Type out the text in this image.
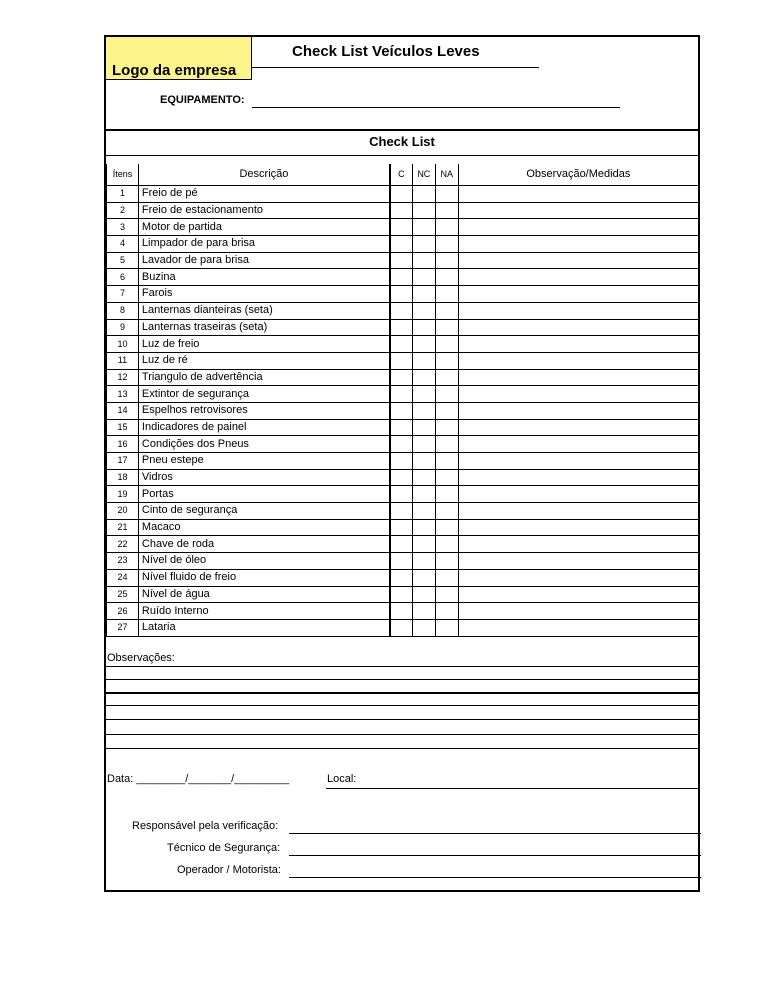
Logo da empresa
Check List Veículos Leves
EQUIPAMENTO:
Check List
Ítens	Descrição	C	NC	NA	Observação/Medidas
1	Freio de pé				
2	Freio de estacionamento				
3	Motor de partida				
4	Limpador de para brisa				
5	Lavador de para brisa				
6	Buzina				
7	Farois				
8	Lanternas dianteiras (seta)				
9	Lanternas traseiras (seta)				
10	Luz de freio				
11	Luz de ré				
12	Triangulo de advertência				
13	Extintor de segurança				
14	Espelhos retrovisores				
15	Indicadores de painel				
16	Condições dos Pneus				
17	Pneu estepe				
18	Vidros				
19	Portas				
20	Cinto de segurança				
21	Macaco				
22	Chave de roda				
23	Nível de óleo				
24	Nível fluido de freio				
25	Nível de água				
26	Ruído Interno				
27	Lataria				
Observações:
Data: ________/_______/_________	Local:
Responsável pela verificação:
Técnico de Segurança:
Operador / Motorista:
